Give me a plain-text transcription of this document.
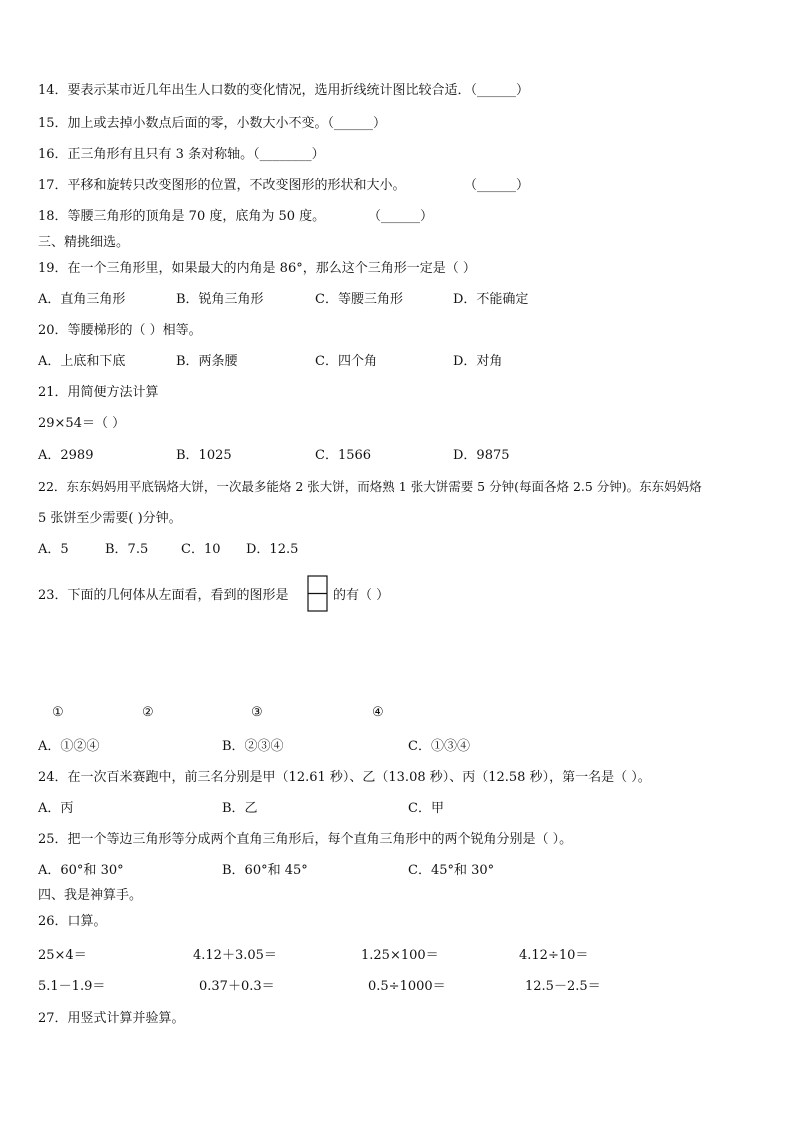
14．要表示某市近几年出生人口数的变化情况，选用折线统计图比较合适．（______）
15．加上或去掉小数点后面的零，小数大小不变。（______）
16．正三角形有且只有 3 条对称轴。（________）
17．平移和旋转只改变图形的位置，不改变图形的形状和大小。	（______）
18．等腰三角形的顶角是 70 度，底角为 50 度。	（______）
三、精挑细选。
19．在一个三角形里，如果最大的内角是 86°，那么这个三角形一定是（ ）
A．直角三角形	B．锐角三角形	C．等腰三角形	D．不能确定
20．等腰梯形的（ ）相等。
A．上底和下底	B．两条腰	C．四个角	D．对角
21．用简便方法计算
29×54＝（ ）
A．2989	B．1025	C．1566	D．9875
22．东东妈妈用平底锅烙大饼，一次最多能烙 2 张大饼，而烙熟 1 张大饼需要 5 分钟(每面各烙 2.5 分钟)。东东妈妈烙
5 张饼至少需要( )分钟。
A．5	B．7.5	C．10 D．12.5
23．下面的几何体从左面看，看到的图形是	的有（ ）
①	②	③	④
A．①②④	B．②③④	C．①③④
24．在一次百米赛跑中，前三名分别是甲（12.61 秒）、乙（13.08 秒）、丙（12.58 秒），第一名是（ ）。
A．丙	B．乙	C．甲
25．把一个等边三角形等分成两个直角三角形后，每个直角三角形中的两个锐角分别是（ ）。
A．60°和 30°	B．60°和 45°	C．45°和 30°
四、我是神算手。
26．口算。
25×4＝	4.12＋3.05＝	1.25×100＝	4.12÷10＝
5.1－1.9＝	0.37＋0.3＝	0.5÷1000＝	12.5－2.5＝
27．用竖式计算并验算。
